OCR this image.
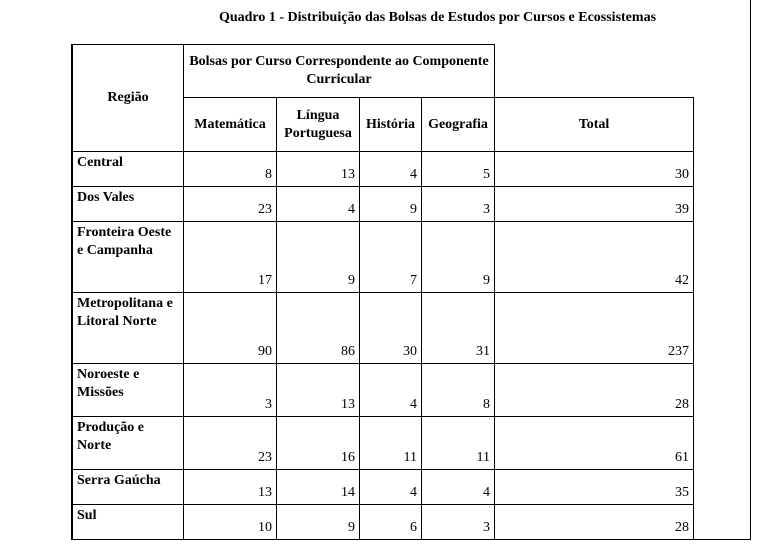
Quadro 1 - Distribuição das Bolsas de Estudos por Cursos e Ecossistemas
Região	Bolsas por Curso Correspondente ao Componente Curricular				
	Matemática	Língua Portuguesa	História	Geografia	Total
Central	8	13	4	5	30
Dos Vales	23	4	9	3	39
Fronteira Oeste e Campanha	17	9	7	9	42
Metropolitana e Litoral Norte	90	86	30	31	237
Noroeste e Missões	3	13	4	8	28
Produção e Norte	23	16	11	11	61
Serra Gaúcha	13	14	4	4	35
Sul	10	9	6	3	28
